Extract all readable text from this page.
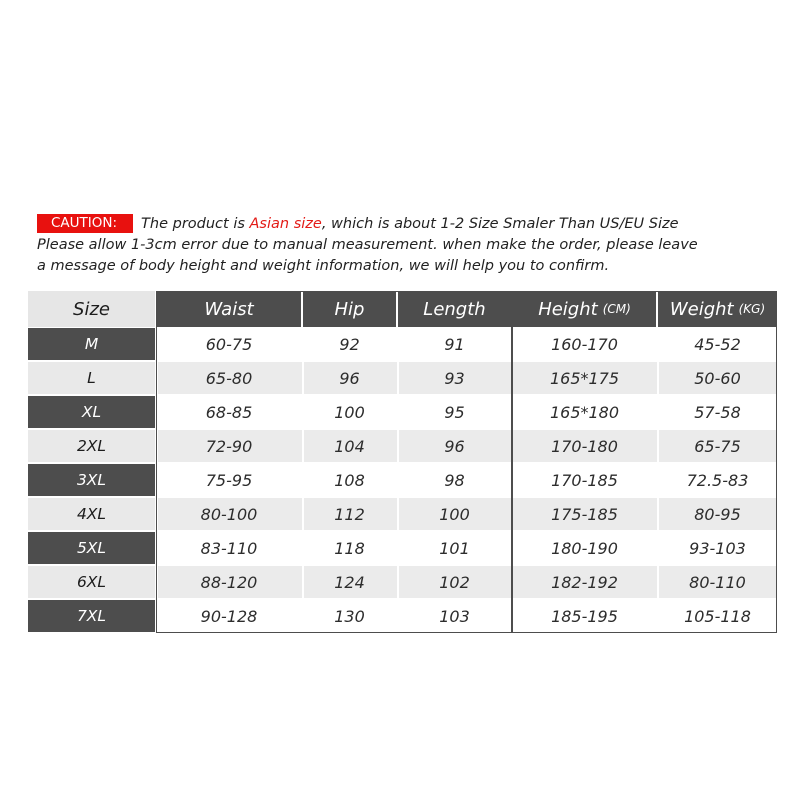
CAUTION: The product is Asian size, which is about 1-2 Size Smaler Than US/EU Size
Please allow 1-3cm error due to manual measurement. when make the order, please leave
a message of body height and weight information, we will help you to confirm.
Size	Waist	Hip	Length	Height (CM) Weight (KG)
M	60-75	92	91	160-170	45-52
L	65-80	96	93	165*175	50-60
XL	68-85	100	95	165*180	57-58
2XL	72-90	104	96	170-180	65-75
3XL	75-95	108	98	170-185	72.5-83
4XL	80-100	112	100	175-185	80-95
5XL	83-110	118	101	180-190	93-103
6XL	88-120	124	102	182-192	80-110
7XL	90-128	130	103	185-195	105-118
